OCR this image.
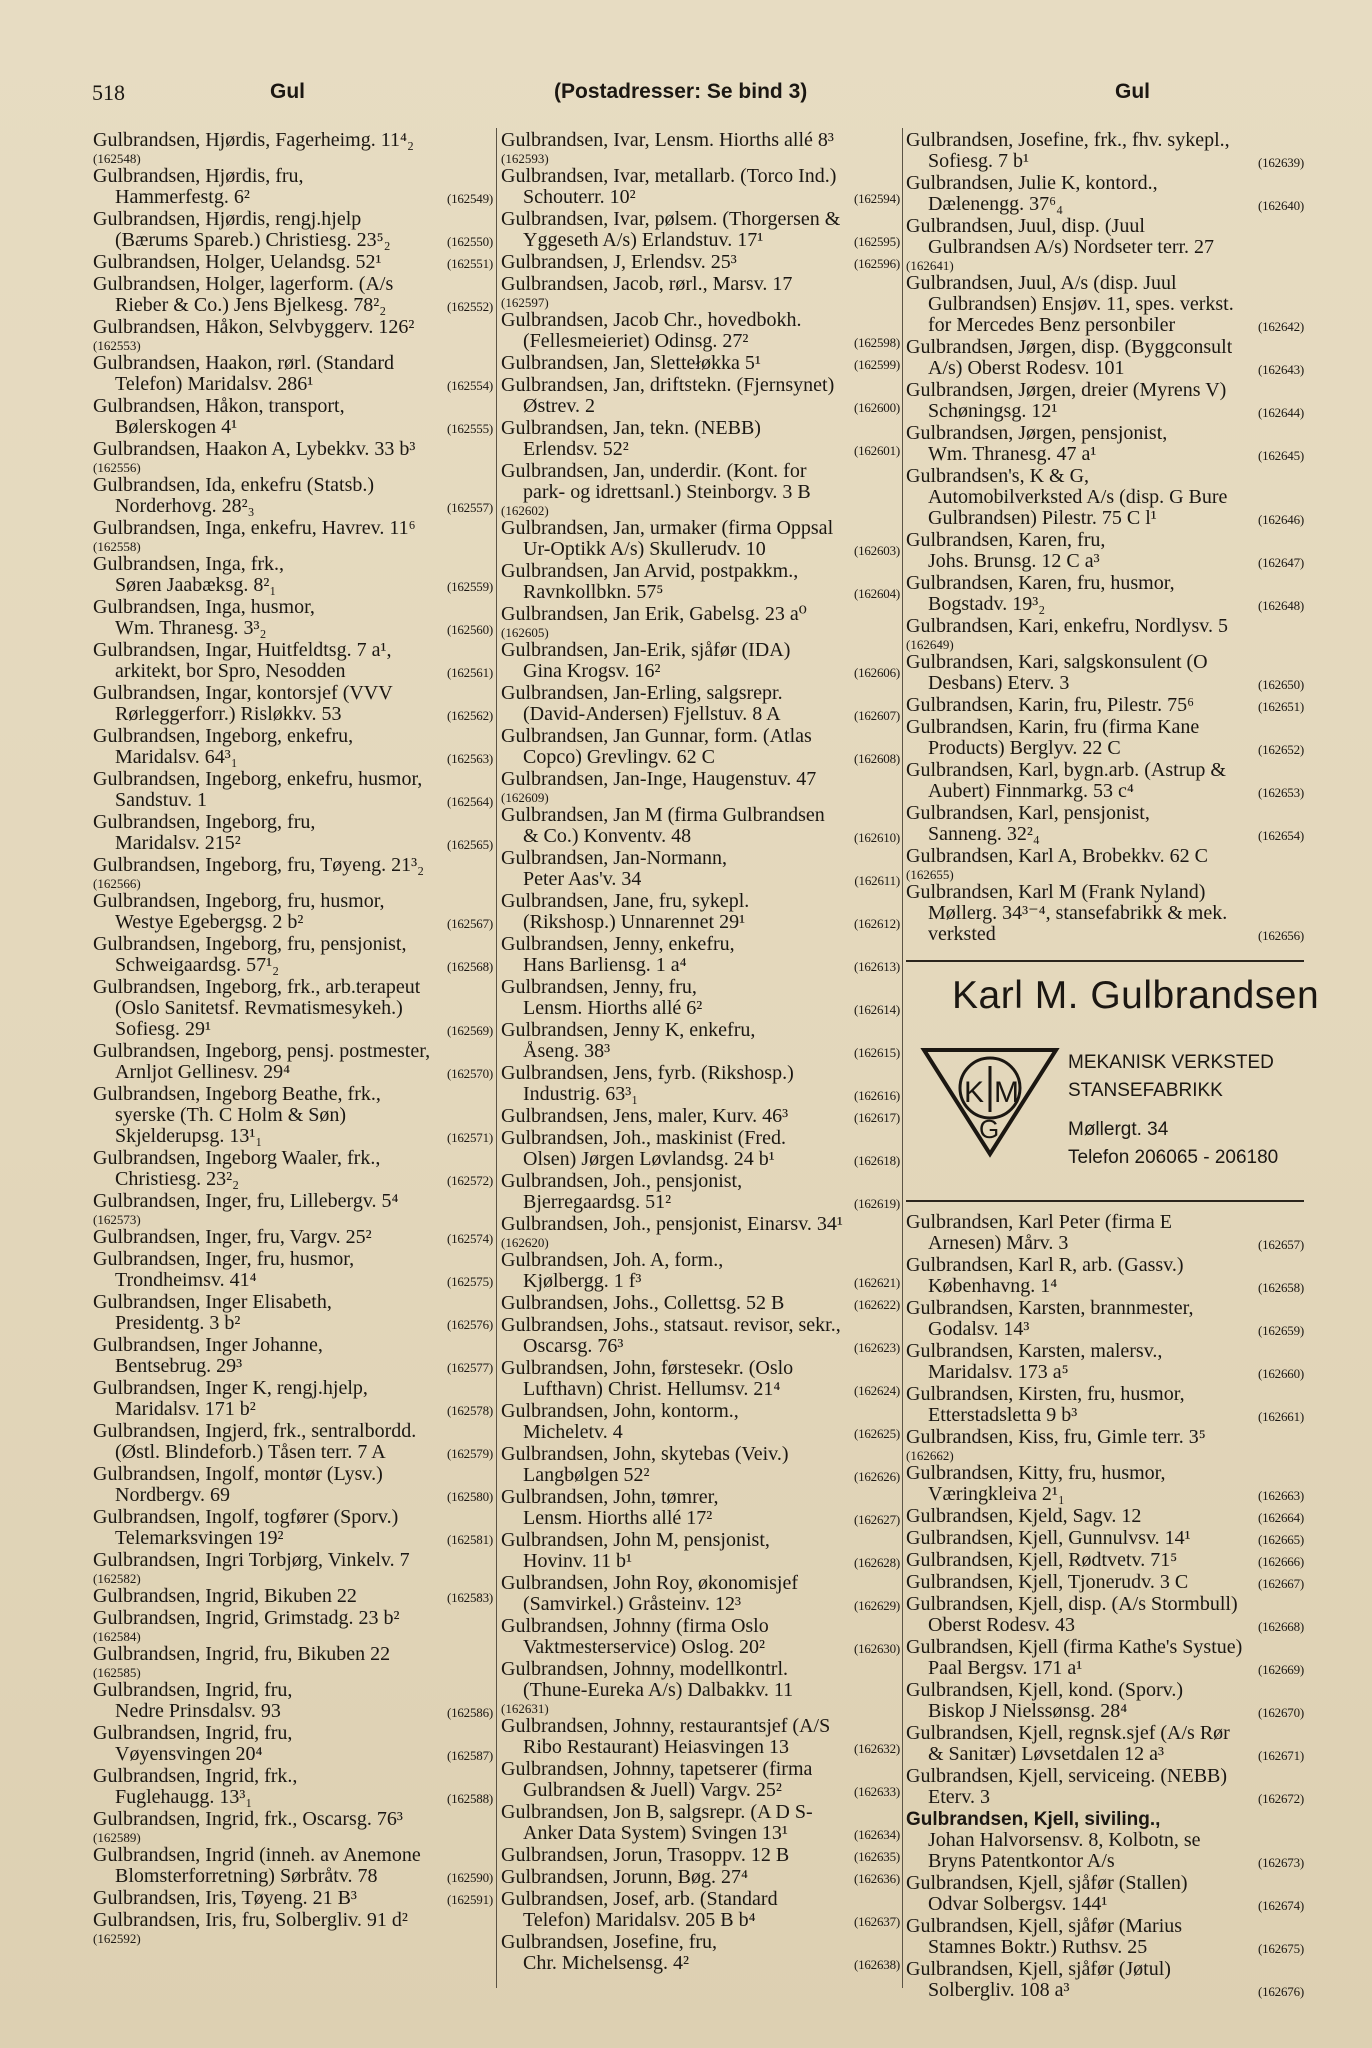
518	Gul	(Postadresser: Se bind 3)	Gul
Gulbrandsen, Hjørdis, Fagerheimg. 11⁴₂
(162548)
Gulbrandsen, Hjørdis, fru,
Hammerfestg. 6²	(162549)
Gulbrandsen, Hjørdis, rengj.hjelp
(Bærums Spareb.) Christiesg. 23⁵₂	(162550)
Gulbrandsen, Holger, Uelandsg. 52¹	(162551)
Gulbrandsen, Holger, lagerform. (A/s
Rieber & Co.) Jens Bjelkesg. 78²₂	(162552)
Gulbrandsen, Håkon, Selvbyggerv. 126²
(162553)
Gulbrandsen, Haakon, rørl. (Standard
Telefon) Maridalsv. 286¹	(162554)
Gulbrandsen, Håkon, transport,
Bølerskogen 4¹	(162555)
Gulbrandsen, Haakon A, Lybekkv. 33 b³
(162556)
Gulbrandsen, Ida, enkefru (Statsb.)
Norderhovg. 28²₃	(162557)
Gulbrandsen, Inga, enkefru, Havrev. 11⁶
(162558)
Gulbrandsen, Inga, frk.,
Søren Jaabæksg. 8²₁	(162559)
Gulbrandsen, Inga, husmor,
Wm. Thranesg. 3³₂	(162560)
Gulbrandsen, Ingar, Huitfeldtsg. 7 a¹,
arkitekt, bor Spro, Nesodden	(162561)
Gulbrandsen, Ingar, kontorsjef (VVV
Rørleggerforr.) Risløkkv. 53	(162562)
Gulbrandsen, Ingeborg, enkefru,
Maridalsv. 64³₁	(162563)
Gulbrandsen, Ingeborg, enkefru, husmor,
Sandstuv. 1	(162564)
Gulbrandsen, Ingeborg, fru,
Maridalsv. 215²	(162565)
Gulbrandsen, Ingeborg, fru, Tøyeng. 21³₂
(162566)
Gulbrandsen, Ingeborg, fru, husmor,
Westye Egebergsg. 2 b²	(162567)
Gulbrandsen, Ingeborg, fru, pensjonist,
Schweigaardsg. 57¹₂	(162568)
Gulbrandsen, Ingeborg, frk., arb.terapeut
(Oslo Sanitetsf. Revmatismesykeh.)
Sofiesg. 29¹	(162569)
Gulbrandsen, Ingeborg, pensj. postmester,
Arnljot Gellinesv. 29⁴	(162570)
Gulbrandsen, Ingeborg Beathe, frk.,
syerske (Th. C Holm & Søn)
Skjelderupsg. 13¹₁	(162571)
Gulbrandsen, Ingeborg Waaler, frk.,
Christiesg. 23²₂	(162572)
Gulbrandsen, Inger, fru, Lillebergv. 5⁴
(162573)
Gulbrandsen, Inger, fru, Vargv. 25²	(162574)
Gulbrandsen, Inger, fru, husmor,
Trondheimsv. 41⁴	(162575)
Gulbrandsen, Inger Elisabeth,
Presidentg. 3 b²	(162576)
Gulbrandsen, Inger Johanne,
Bentsebrug. 29³	(162577)
Gulbrandsen, Inger K, rengj.hjelp,
Maridalsv. 171 b²	(162578)
Gulbrandsen, Ingjerd, frk., sentralbordd.
(Østl. Blindeforb.) Tåsen terr. 7 A	(162579)
Gulbrandsen, Ingolf, montør (Lysv.)
Nordbergv. 69	(162580)
Gulbrandsen, Ingolf, togfører (Sporv.)
Telemarksvingen 19²	(162581)
Gulbrandsen, Ingri Torbjørg, Vinkelv. 7
(162582)
Gulbrandsen, Ingrid, Bikuben 22	(162583)
Gulbrandsen, Ingrid, Grimstadg. 23 b²
(162584)
Gulbrandsen, Ingrid, fru, Bikuben 22
(162585)
Gulbrandsen, Ingrid, fru,
Nedre Prinsdalsv. 93	(162586)
Gulbrandsen, Ingrid, fru,
Vøyensvingen 20⁴	(162587)
Gulbrandsen, Ingrid, frk.,
Fuglehaugg. 13³₁	(162588)
Gulbrandsen, Ingrid, frk., Oscarsg. 76³
(162589)
Gulbrandsen, Ingrid (inneh. av Anemone
Blomsterforretning) Sørbråtv. 78	(162590)
Gulbrandsen, Iris, Tøyeng. 21 B³	(162591)
Gulbrandsen, Iris, fru, Solbergliv. 91 d²
(162592)
Gulbrandsen, Ivar, Lensm. Hiorths allé 8³
(162593)
Gulbrandsen, Ivar, metallarb. (Torco Ind.)
Schouterr. 10²	(162594)
Gulbrandsen, Ivar, pølsem. (Thorgersen &
Yggeseth A/s) Erlandstuv. 17¹	(162595)
Gulbrandsen, J, Erlendsv. 25³	(162596)
Gulbrandsen, Jacob, rørl., Marsv. 17
(162597)
Gulbrandsen, Jacob Chr., hovedbokh.
(Fellesmeieriet) Odinsg. 27²	(162598)
Gulbrandsen, Jan, Slettełøkka 5¹	(162599)
Gulbrandsen, Jan, driftstekn. (Fjernsynet)
Østrev. 2	(162600)
Gulbrandsen, Jan, tekn. (NEBB)
Erlendsv. 52²	(162601)
Gulbrandsen, Jan, underdir. (Kont. for
park- og idrettsanl.) Steinborgv. 3 B
(162602)
Gulbrandsen, Jan, urmaker (firma Oppsal
Ur-Optikk A/s) Skullerudv. 10	(162603)
Gulbrandsen, Jan Arvid, postpakkm.,
Ravnkollbkn. 57⁵	(162604)
Gulbrandsen, Jan Erik, Gabelsg. 23 a⁰
(162605)
Gulbrandsen, Jan-Erik, sjåfør (IDA)
Gina Krogsv. 16²	(162606)
Gulbrandsen, Jan-Erling, salgsrepr.
(David-Andersen) Fjellstuv. 8 A	(162607)
Gulbrandsen, Jan Gunnar, form. (Atlas
Copco) Grevlingv. 62 C	(162608)
Gulbrandsen, Jan-Inge, Haugenstuv. 47
(162609)
Gulbrandsen, Jan M (firma Gulbrandsen
& Co.) Konventv. 48	(162610)
Gulbrandsen, Jan-Normann,
Peter Aas'v. 34	(162611)
Gulbrandsen, Jane, fru, sykepl.
(Rikshosp.) Unnarennet 29¹	(162612)
Gulbrandsen, Jenny, enkefru,
Hans Barliensg. 1 a⁴	(162613)
Gulbrandsen, Jenny, fru,
Lensm. Hiorths allé 6²	(162614)
Gulbrandsen, Jenny K, enkefru,
Åseng. 38³	(162615)
Gulbrandsen, Jens, fyrb. (Rikshosp.)
Industrig. 63³₁	(162616)
Gulbrandsen, Jens, maler, Kurv. 46³	(162617)
Gulbrandsen, Joh., maskinist (Fred.
Olsen) Jørgen Løvlandsg. 24 b¹	(162618)
Gulbrandsen, Joh., pensjonist,
Bjerregaardsg. 51²	(162619)
Gulbrandsen, Joh., pensjonist, Einarsv. 34¹
(162620)
Gulbrandsen, Joh. A, form.,
Kjølbergg. 1 f³	(162621)
Gulbrandsen, Johs., Collettsg. 52 B	(162622)
Gulbrandsen, Johs., statsaut. revisor, sekr.,
Oscarsg. 76³	(162623)
Gulbrandsen, John, førstesekr. (Oslo
Lufthavn) Christ. Hellumsv. 21⁴	(162624)
Gulbrandsen, John, kontorm.,
Micheletv. 4	(162625)
Gulbrandsen, John, skytebas (Veiv.)
Langbølgen 52²	(162626)
Gulbrandsen, John, tømrer,
Lensm. Hiorths allé 17²	(162627)
Gulbrandsen, John M, pensjonist,
Hovinv. 11 b¹	(162628)
Gulbrandsen, John Roy, økonomisjef
(Samvirkel.) Gråsteinv. 12³	(162629)
Gulbrandsen, Johnny (firma Oslo
Vaktmesterservice) Oslog. 20²	(162630)
Gulbrandsen, Johnny, modellkontrl.
(Thune-Eureka A/s) Dalbakkv. 11
(162631)
Gulbrandsen, Johnny, restaurantsjef (A/S
Ribo Restaurant) Heiasvingen 13	(162632)
Gulbrandsen, Johnny, tapetserer (firma
Gulbrandsen & Juell) Vargv. 25²	(162633)
Gulbrandsen, Jon B, salgsrepr. (A D S-
Anker Data System) Svingen 13¹	(162634)
Gulbrandsen, Jorun, Trasoppv. 12 B	(162635)
Gulbrandsen, Jorunn, Bøg. 27⁴	(162636)
Gulbrandsen, Josef, arb. (Standard
Telefon) Maridalsv. 205 B b⁴	(162637)
Gulbrandsen, Josefine, fru,
Chr. Michelsensg. 4²	(162638)
Gulbrandsen, Josefine, frk., fhv. sykepl.,
Sofiesg. 7 b¹	(162639)
Gulbrandsen, Julie K, kontord.,
Dælenengg. 37⁶₄	(162640)
Gulbrandsen, Juul, disp. (Juul
Gulbrandsen A/s) Nordseter terr. 27
(162641)
Gulbrandsen, Juul, A/s (disp. Juul
Gulbrandsen) Ensjøv. 11, spes. verkst.
for Mercedes Benz personbiler	(162642)
Gulbrandsen, Jørgen, disp. (Byggconsult
A/s) Oberst Rodesv. 101	(162643)
Gulbrandsen, Jørgen, dreier (Myrens V)
Schøningsg. 12¹	(162644)
Gulbrandsen, Jørgen, pensjonist,
Wm. Thranesg. 47 a¹	(162645)
Gulbrandsen's, K & G,
Automobilverksted A/s (disp. G Bure
Gulbrandsen) Pilestr. 75 C l¹	(162646)
Gulbrandsen, Karen, fru,
Johs. Brunsg. 12 C a³	(162647)
Gulbrandsen, Karen, fru, husmor,
Bogstadv. 19³₂	(162648)
Gulbrandsen, Kari, enkefru, Nordlysv. 5
(162649)
Gulbrandsen, Kari, salgskonsulent (O
Desbans) Eterv. 3	(162650)
Gulbrandsen, Karin, fru, Pilestr. 75⁶	(162651)
Gulbrandsen, Karin, fru (firma Kane
Products) Berglyv. 22 C	(162652)
Gulbrandsen, Karl, bygn.arb. (Astrup &
Aubert) Finnmarkg. 53 c⁴	(162653)
Gulbrandsen, Karl, pensjonist,
Sanneng. 32²₄	(162654)
Gulbrandsen, Karl A, Brobekkv. 62 C
(162655)
Gulbrandsen, Karl M (Frank Nyland)
Møllerg. 34³⁻⁴, stansefabrikk & mek.
verksted	(162656)
Karl M. Gulbrandsen
K M
G
MEKANISK VERKSTED
STANSEFABRIKK
Møllergt. 34
Telefon 206065 - 206180
Gulbrandsen, Karl Peter (firma E
Arnesen) Mårv. 3	(162657)
Gulbrandsen, Karl R, arb. (Gassv.)
Københavng. 1⁴	(162658)
Gulbrandsen, Karsten, brannmester,
Godalsv. 14³	(162659)
Gulbrandsen, Karsten, malersv.,
Maridalsv. 173 a⁵	(162660)
Gulbrandsen, Kirsten, fru, husmor,
Etterstadsletta 9 b³	(162661)
Gulbrandsen, Kiss, fru, Gimle terr. 3⁵
(162662)
Gulbrandsen, Kitty, fru, husmor,
Væringkleiva 2¹₁	(162663)
Gulbrandsen, Kjeld, Sagv. 12	(162664)
Gulbrandsen, Kjell, Gunnulvsv. 14¹	(162665)
Gulbrandsen, Kjell, Rødtvetv. 71⁵	(162666)
Gulbrandsen, Kjell, Tjonerudv. 3 C	(162667)
Gulbrandsen, Kjell, disp. (A/s Stormbull)
Oberst Rodesv. 43	(162668)
Gulbrandsen, Kjell (firma Kathe's Systue)
Paal Bergsv. 171 a¹	(162669)
Gulbrandsen, Kjell, kond. (Sporv.)
Biskop J Nielssønsg. 28⁴	(162670)
Gulbrandsen, Kjell, regnsk.sjef (A/s Rør
& Sanitær) Løvsetdalen 12 a³	(162671)
Gulbrandsen, Kjell, serviceing. (NEBB)
Eterv. 3	(162672)
Gulbrandsen, Kjell, siviling.,
Johan Halvorsensv. 8, Kolbotn, se
Bryns Patentkontor A/s	(162673)
Gulbrandsen, Kjell, sjåfør (Stallen)
Odvar Solbergsv. 144¹	(162674)
Gulbrandsen, Kjell, sjåfør (Marius
Stamnes Boktr.) Ruthsv. 25	(162675)
Gulbrandsen, Kjell, sjåfør (Jøtul)
Solbergliv. 108 a³	(162676)
